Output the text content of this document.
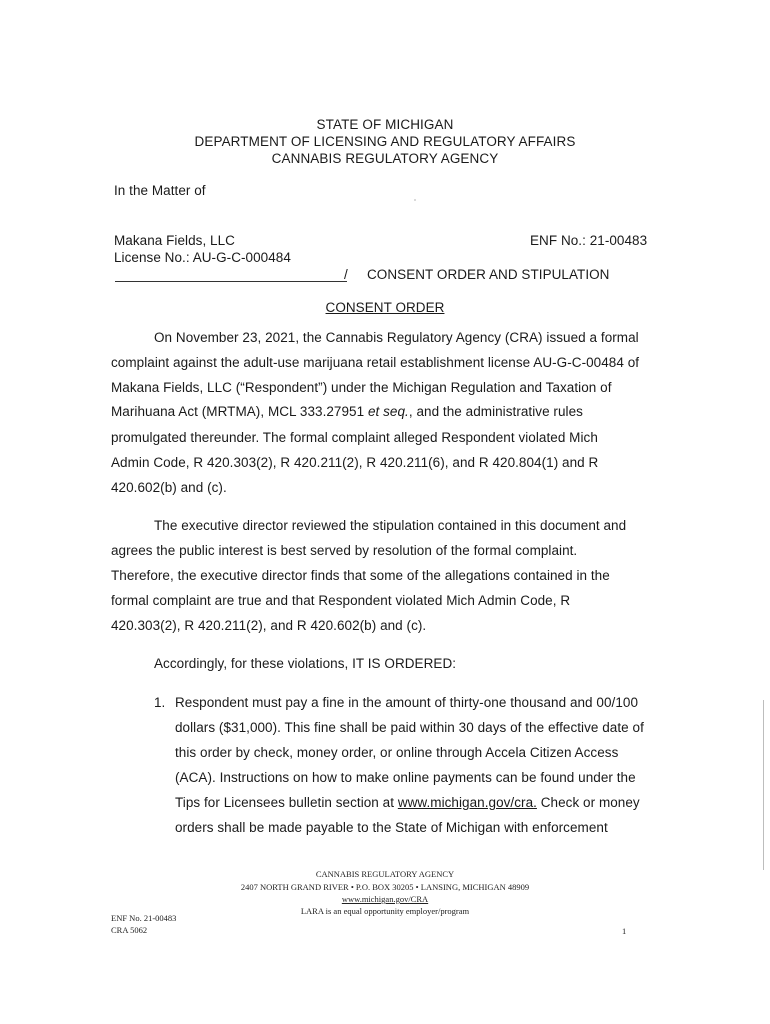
STATE OF MICHIGAN
DEPARTMENT OF LICENSING AND REGULATORY AFFAIRS
CANNABIS REGULATORY AGENCY
In the Matter of
Makana Fields, LLC
License No.: AU-G-C-000484
ENF No.: 21-00483
/ CONSENT ORDER AND STIPULATION
CONSENT ORDER
On November 23, 2021, the Cannabis Regulatory Agency (CRA) issued a formal
complaint against the adult-use marijuana retail establishment license AU-G-C-00484 of
Makana Fields, LLC (“Respondent”) under the Michigan Regulation and Taxation of
Marihuana Act (MRTMA), MCL 333.27951 et seq., and the administrative rules
promulgated thereunder. The formal complaint alleged Respondent violated Mich
Admin Code, R 420.303(2), R 420.211(2), R 420.211(6), and R 420.804(1) and R
420.602(b) and (c).
The executive director reviewed the stipulation contained in this document and
agrees the public interest is best served by resolution of the formal complaint.
Therefore, the executive director finds that some of the allegations contained in the
formal complaint are true and that Respondent violated Mich Admin Code, R
420.303(2), R 420.211(2), and R 420.602(b) and (c).
Accordingly, for these violations, IT IS ORDERED:
1. Respondent must pay a fine in the amount of thirty-one thousand and 00/100
dollars ($31,000). This fine shall be paid within 30 days of the effective date of
this order by check, money order, or online through Accela Citizen Access
(ACA). Instructions on how to make online payments can be found under the
Tips for Licensees bulletin section at www.michigan.gov/cra. Check or money
orders shall be made payable to the State of Michigan with enforcement
CANNABIS REGULATORY AGENCY
2407 NORTH GRAND RIVER • P.O. BOX 30205 • LANSING, MICHIGAN 48909
www.michigan.gov/CRA
LARA is an equal opportunity employer/program
ENF No. 21-00483
CRA 5062	1
